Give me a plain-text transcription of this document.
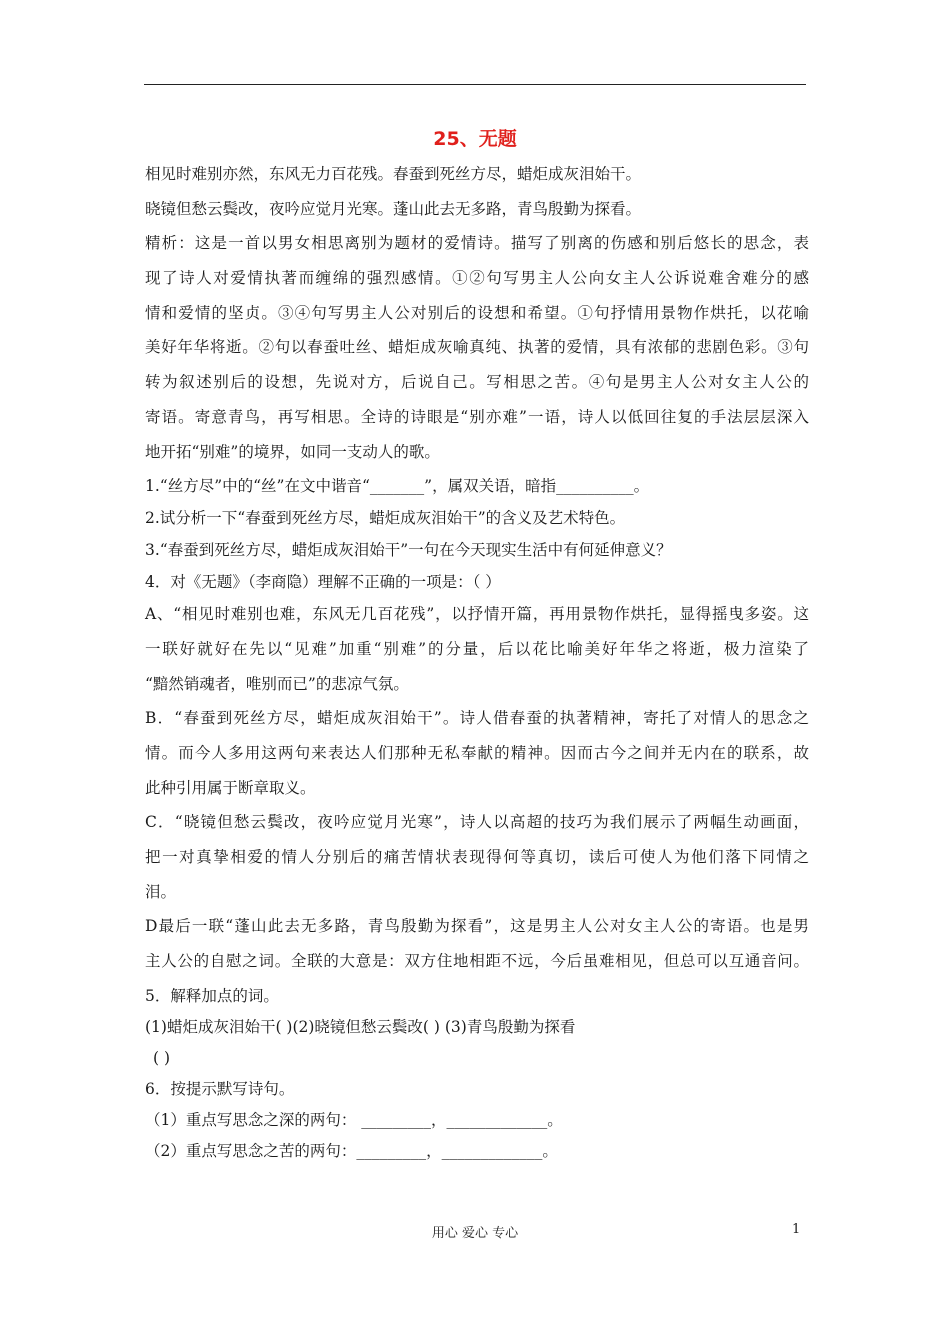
25、无题
相见时难别亦然，东风无力百花残。春蚕到死丝方尽，蜡炬成灰泪始干。
晓镜但愁云鬓改，夜吟应觉月光寒。蓬山此去无多路，青鸟殷勤为探看。
精析：这是一首以男女相思离别为题材的爱情诗。描写了别离的伤感和别后悠长的思念，表
现了诗人对爱情执著而缠绵的强烈感情。①②句写男主人公向女主人公诉说难舍难分的感
情和爱情的坚贞。③④句写男主人公对别后的设想和希望。①句抒情用景物作烘托，以花喻
美好年华将逝。②句以春蚕吐丝、蜡炬成灰喻真纯、执著的爱情，具有浓郁的悲剧色彩。③句
转为叙述别后的设想，先说对方，后说自己。写相思之苦。④句是男主人公对女主人公的
寄语。寄意青鸟，再写相思。全诗的诗眼是“别亦难”一语，诗人以低回往复的手法层层深入
地开拓“别难”的境界，如同一支动人的歌。
1.“丝方尽”中的“丝”在文中谐音“_______”，属双关语，暗指__________。
2.试分析一下“春蚕到死丝方尽，蜡炬成灰泪始干”的含义及艺术特色。
3.“春蚕到死丝方尽，蜡炬成灰泪始干”一句在今天现实生活中有何延伸意义？
4．对《无题》（李商隐）理解不正确的一项是：（ ）
A、“相见时难别也难，东风无几百花残”，以抒情开篇，再用景物作烘托，显得摇曳多姿。这
一联好就好在先以“见难”加重“别难”的分量，后以花比喻美好年华之将逝，极力渲染了
“黯然销魂者，唯别而已”的悲凉气氛。
B．“春蚕到死丝方尽，蜡炬成灰泪始干”。诗人借春蚕的执著精神，寄托了对情人的思念之
情。而今人多用这两句来表达人们那种无私奉献的精神。因而古今之间并无内在的联系，故
此种引用属于断章取义。
C．“晓镜但愁云鬓改，夜吟应觉月光寒”，诗人以高超的技巧为我们展示了两幅生动画面，
把一对真挚相爱的情人分别后的痛苦情状表现得何等真切，读后可使人为他们落下同情之
泪。
D最后一联“蓬山此去无多路，青鸟殷勤为探看”，这是男主人公对女主人公的寄语。也是男
主人公的自慰之词。全联的大意是：双方住地相距不远，今后虽难相见，但总可以互通音问。
5．解释加点的词。
(1)蜡炬成灰泪始干( )(2)晓镜但愁云鬓改( ) (3)青鸟殷勤为探看
( )
6．按提示默写诗句。
（1）重点写思念之深的两句： _________，_____________。
（2）重点写思念之苦的两句：_________，_____________。
用心 爱心 专心	1
